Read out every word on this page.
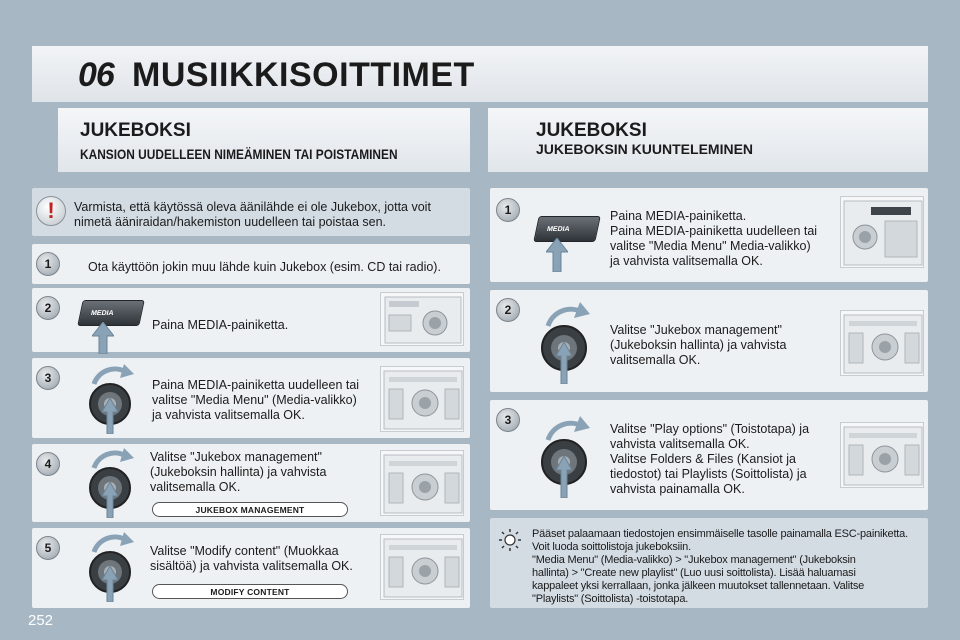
06 MUSIIKKISOITTIMET
JUKEBOKSI
KANSION UUDELLEEN NIMEÄMINEN TAI POISTAMINEN
JUKEBOKSI
JUKEBOKSIN KUUNTELEMINEN
!	Varmista, että käytössä oleva äänilähde ei ole Jukebox, jotta voit
nimetä ääniraidan/hakemiston uudelleen tai poistaa sen.
1	Ota käyttöön jokin muu lähde kuin Jukebox (esim. CD tai radio).
2	MEDIA
Paina MEDIA-painiketta.
3	Paina MEDIA-painiketta uudelleen tai
valitse "Media Menu" (Media-valikko)
ja vahvista valitsemalla OK.
4	Valitse "Jukebox management"
(Jukeboksin hallinta) ja vahvista
valitsemalla OK.
JUKEBOX MANAGEMENT
5	Valitse "Modify content" (Muokkaa
sisältöä) ja vahvista valitsemalla OK.
MODIFY CONTENT
1
MEDIA
Paina MEDIA-painiketta.
Paina MEDIA-painiketta uudelleen tai
valitse "Media Menu" Media-valikko)
ja vahvista valitsemalla OK.
2
Valitse "Jukebox management"
(Jukeboksin hallinta) ja vahvista
valitsemalla OK.
3
Valitse "Play options" (Toistotapa) ja
vahvista valitsemalla OK.
Valitse Folders & Files (Kansiot ja
tiedostot) tai Playlists (Soittolista) ja
vahvista painamalla OK.
Pääset palaamaan tiedostojen ensimmäiselle tasolle painamalla ESC-painiketta.
Voit luoda soittolistoja jukeboksiin.
"Media Menu" (Media-valikko) > "Jukebox management" (Jukeboksin
hallinta) > "Create new playlist" (Luo uusi soittolista). Lisää haluamasi
kappaleet yksi kerrallaan, jonka jälkeen muutokset tallennetaan. Valitse
"Playlists" (Soittolista) -toistotapa.
252
